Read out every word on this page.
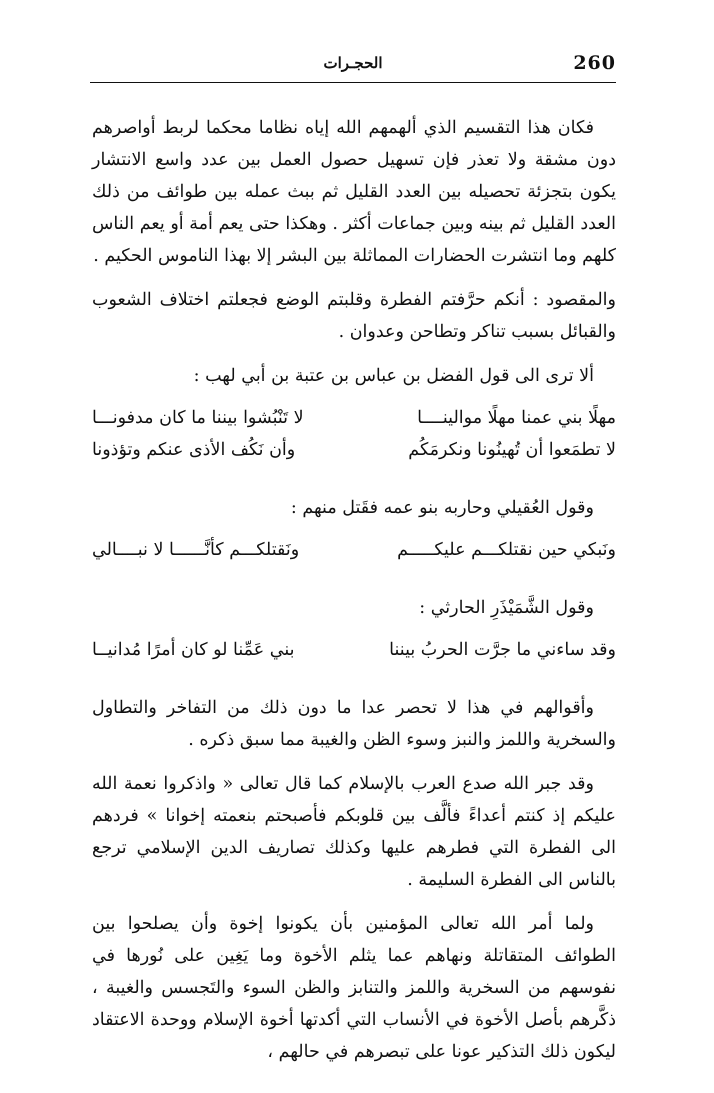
260
الحجـرات

فكان هذا التقسيم الذي ألهمهم الله إياه نظاما محكما لربط أواصرهم دون مشقة ولا تعذر فإن تسهيل حصول العمل بين عدد واسع الانتشار يكون بتجزئة تحصيله بين العدد القليل ثم ببث عمله بين طوائف من ذلك العدد القليل ثم بينه وبين جماعات أكثر . وهكذا حتى يعم أمة أو يعم الناس كلهم وما انتشرت الحضارات المماثلة بين البشر إلا بهذا الناموس الحكيم .

والمقصود : أنكم حرَّفتم الفطرة وقلبتم الوضع فجعلتم اختلاف الشعوب والقبائل بسبب تناكر وتطاحن وعدوان .

ألا ترى الى قول الفضل بن عباس بن عتبة بن أبي لهب :

مهلًا بني عمنا مهلًا موالينــــا
لا تَنْبُشوا بيننا ما كان مدفونـــا
لا تطمَعوا أن تُهينُونا ونكرمَكُم
وأن نَكُف الأذى عنكم وتؤذونا

وقول العُقيلي وحاربه بنو عمه فقَتل منهم :

ونَبكي حين نقتلكـــم عليكـــــم
ونَقتلكـــم كأنَّــــــا لا نبــــالي

وقول الشَّمَيْذَرِ الحارثي :

وقد ساءني ما جرَّت الحربُ بيننا
بني عَمِّنا لو كان أمرًا مُدانيــا

وأقوالهم في هذا لا تحصر عدا ما دون ذلك من التفاخر والتطاول والسخرية واللمز والنبز وسوء الظن والغيبة مما سبق ذكره .

وقد جبر الله صدع العرب بالإسلام كما قال تعالى « واذكروا نعمة الله عليكم إذ كنتم أعداءً فألَّف بين قلوبكم فأصبحتم بنعمته إخوانا » فردهم الى الفطرة التي فطرهم عليها وكذلك تصاريف الدين الإسلامي ترجع بالناس الى الفطرة السليمة .

ولما أمر الله تعالى المؤمنين بأن يكونوا إخوة وأن يصلحوا بين الطوائف المتقاتلة ونهاهم عما يثلم الأخوة وما يَغِين على نُورها في نفوسهم من السخرية واللمز والتنابز والظن السوء والتَجسس والغيبة ، ذكَّرهم بأصل الأخوة في الأنساب التي أكدتها أخوة الإسلام ووحدة الاعتقاد ليكون ذلك التذكير عونا على تبصرهم في حالهم ،
